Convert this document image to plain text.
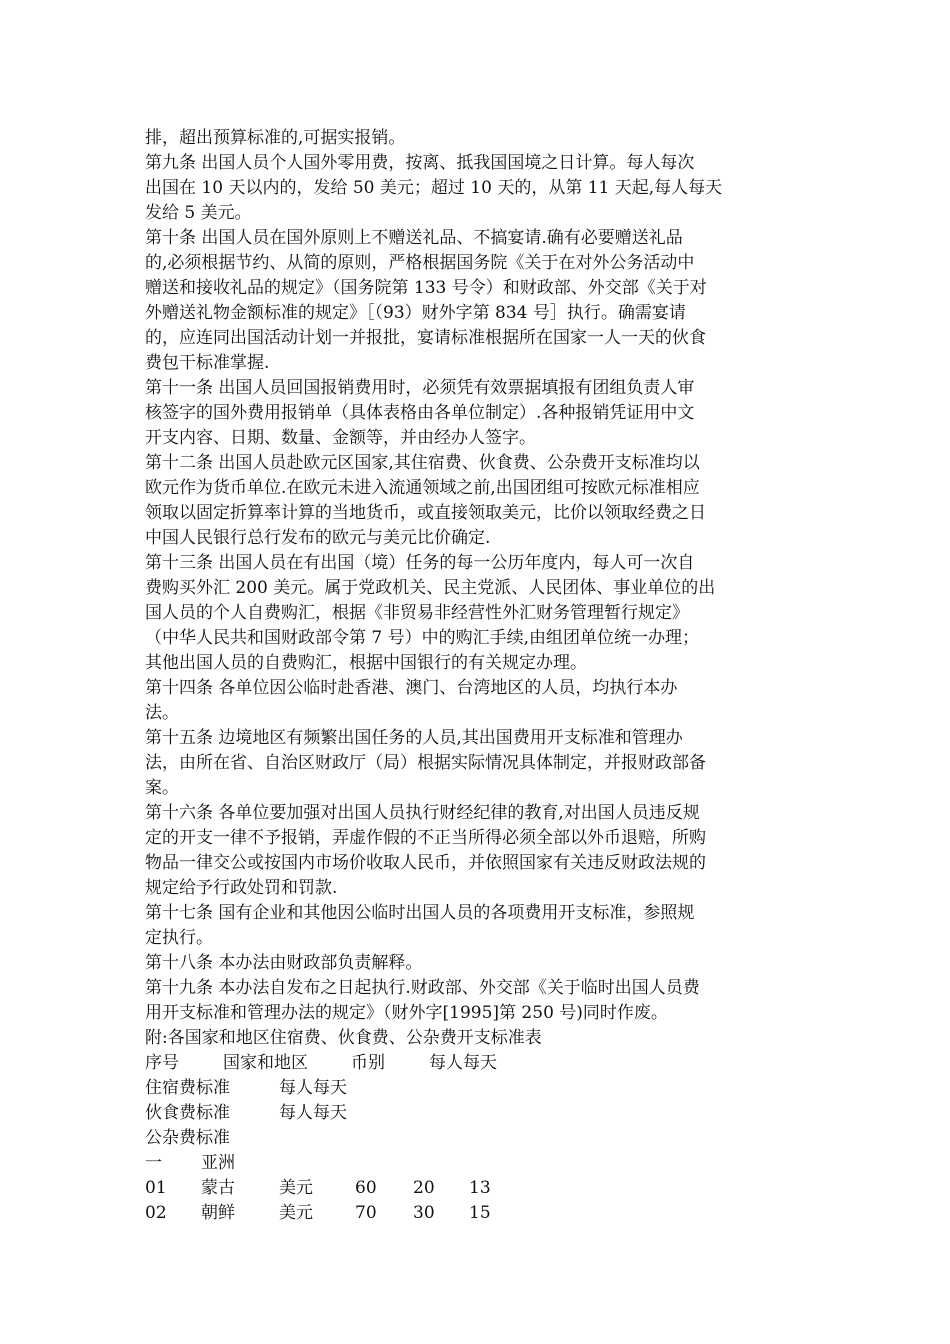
排，超出预算标准的,可据实报销。
第九条 出国人员个人国外零用费，按离、抵我国国境之日计算。每人每次
出国在 10 天以内的，发给 50 美元；超过 10 天的，从第 11 天起,每人每天
发给 5 美元。
第十条 出国人员在国外原则上不赠送礼品、不搞宴请.确有必要赠送礼品
的,必须根据节约、从简的原则，严格根据国务院《关于在对外公务活动中
赠送和接收礼品的规定》（国务院第 133 号令）和财政部、外交部《关于对
外赠送礼物金额标准的规定》［（93）财外字第 834 号］执行。确需宴请
的，应连同出国活动计划一并报批，宴请标准根据所在国家一人一天的伙食
费包干标准掌握.
第十一条 出国人员回国报销费用时，必须凭有效票据填报有团组负责人审
核签字的国外费用报销单（具体表格由各单位制定）.各种报销凭证用中文
开支内容、日期、数量、金额等，并由经办人签字。
第十二条 出国人员赴欧元区国家,其住宿费、伙食费、公杂费开支标准均以
欧元作为货币单位.在欧元未进入流通领域之前,出国团组可按欧元标准相应
领取以固定折算率计算的当地货币，或直接领取美元，比价以领取经费之日
中国人民银行总行发布的欧元与美元比价确定.
第十三条 出国人员在有出国（境）任务的每一公历年度内，每人可一次自
费购买外汇 200 美元。属于党政机关、民主党派、人民团体、事业单位的出
国人员的个人自费购汇，根据《非贸易非经营性外汇财务管理暂行规定》
（中华人民共和国财政部令第 7 号）中的购汇手续,由组团单位统一办理；
其他出国人员的自费购汇，根据中国银行的有关规定办理。
第十四条 各单位因公临时赴香港、澳门、台湾地区的人员，均执行本办
法。
第十五条 边境地区有频繁出国任务的人员,其出国费用开支标准和管理办
法，由所在省、自治区财政厅（局）根据实际情况具体制定，并报财政部备
案。
第十六条 各单位要加强对出国人员执行财经纪律的教育,对出国人员违反规
定的开支一律不予报销，弄虚作假的不正当所得必须全部以外币退赔，所购
物品一律交公或按国内市场价收取人民币，并依照国家有关违反财政法规的
规定给予行政处罚和罚款.
第十七条 国有企业和其他因公临时出国人员的各项费用开支标准，参照规
定执行。
第十八条 本办法由财政部负责解释。
第十九条 本办法自发布之日起执行.财政部、外交部《关于临时出国人员费
用开支标准和管理办法的规定》（财外字[1995]第 250 号)同时作废。
附:各国家和地区住宿费、伙食费、公杂费开支标准表
序号	国家和地区	币别	每人每天
住宿费标准	每人每天
伙食费标准	每人每天
公杂费标准
一	亚洲
01	蒙古	美元	60	20	13
02	朝鲜	美元	70	30	15
